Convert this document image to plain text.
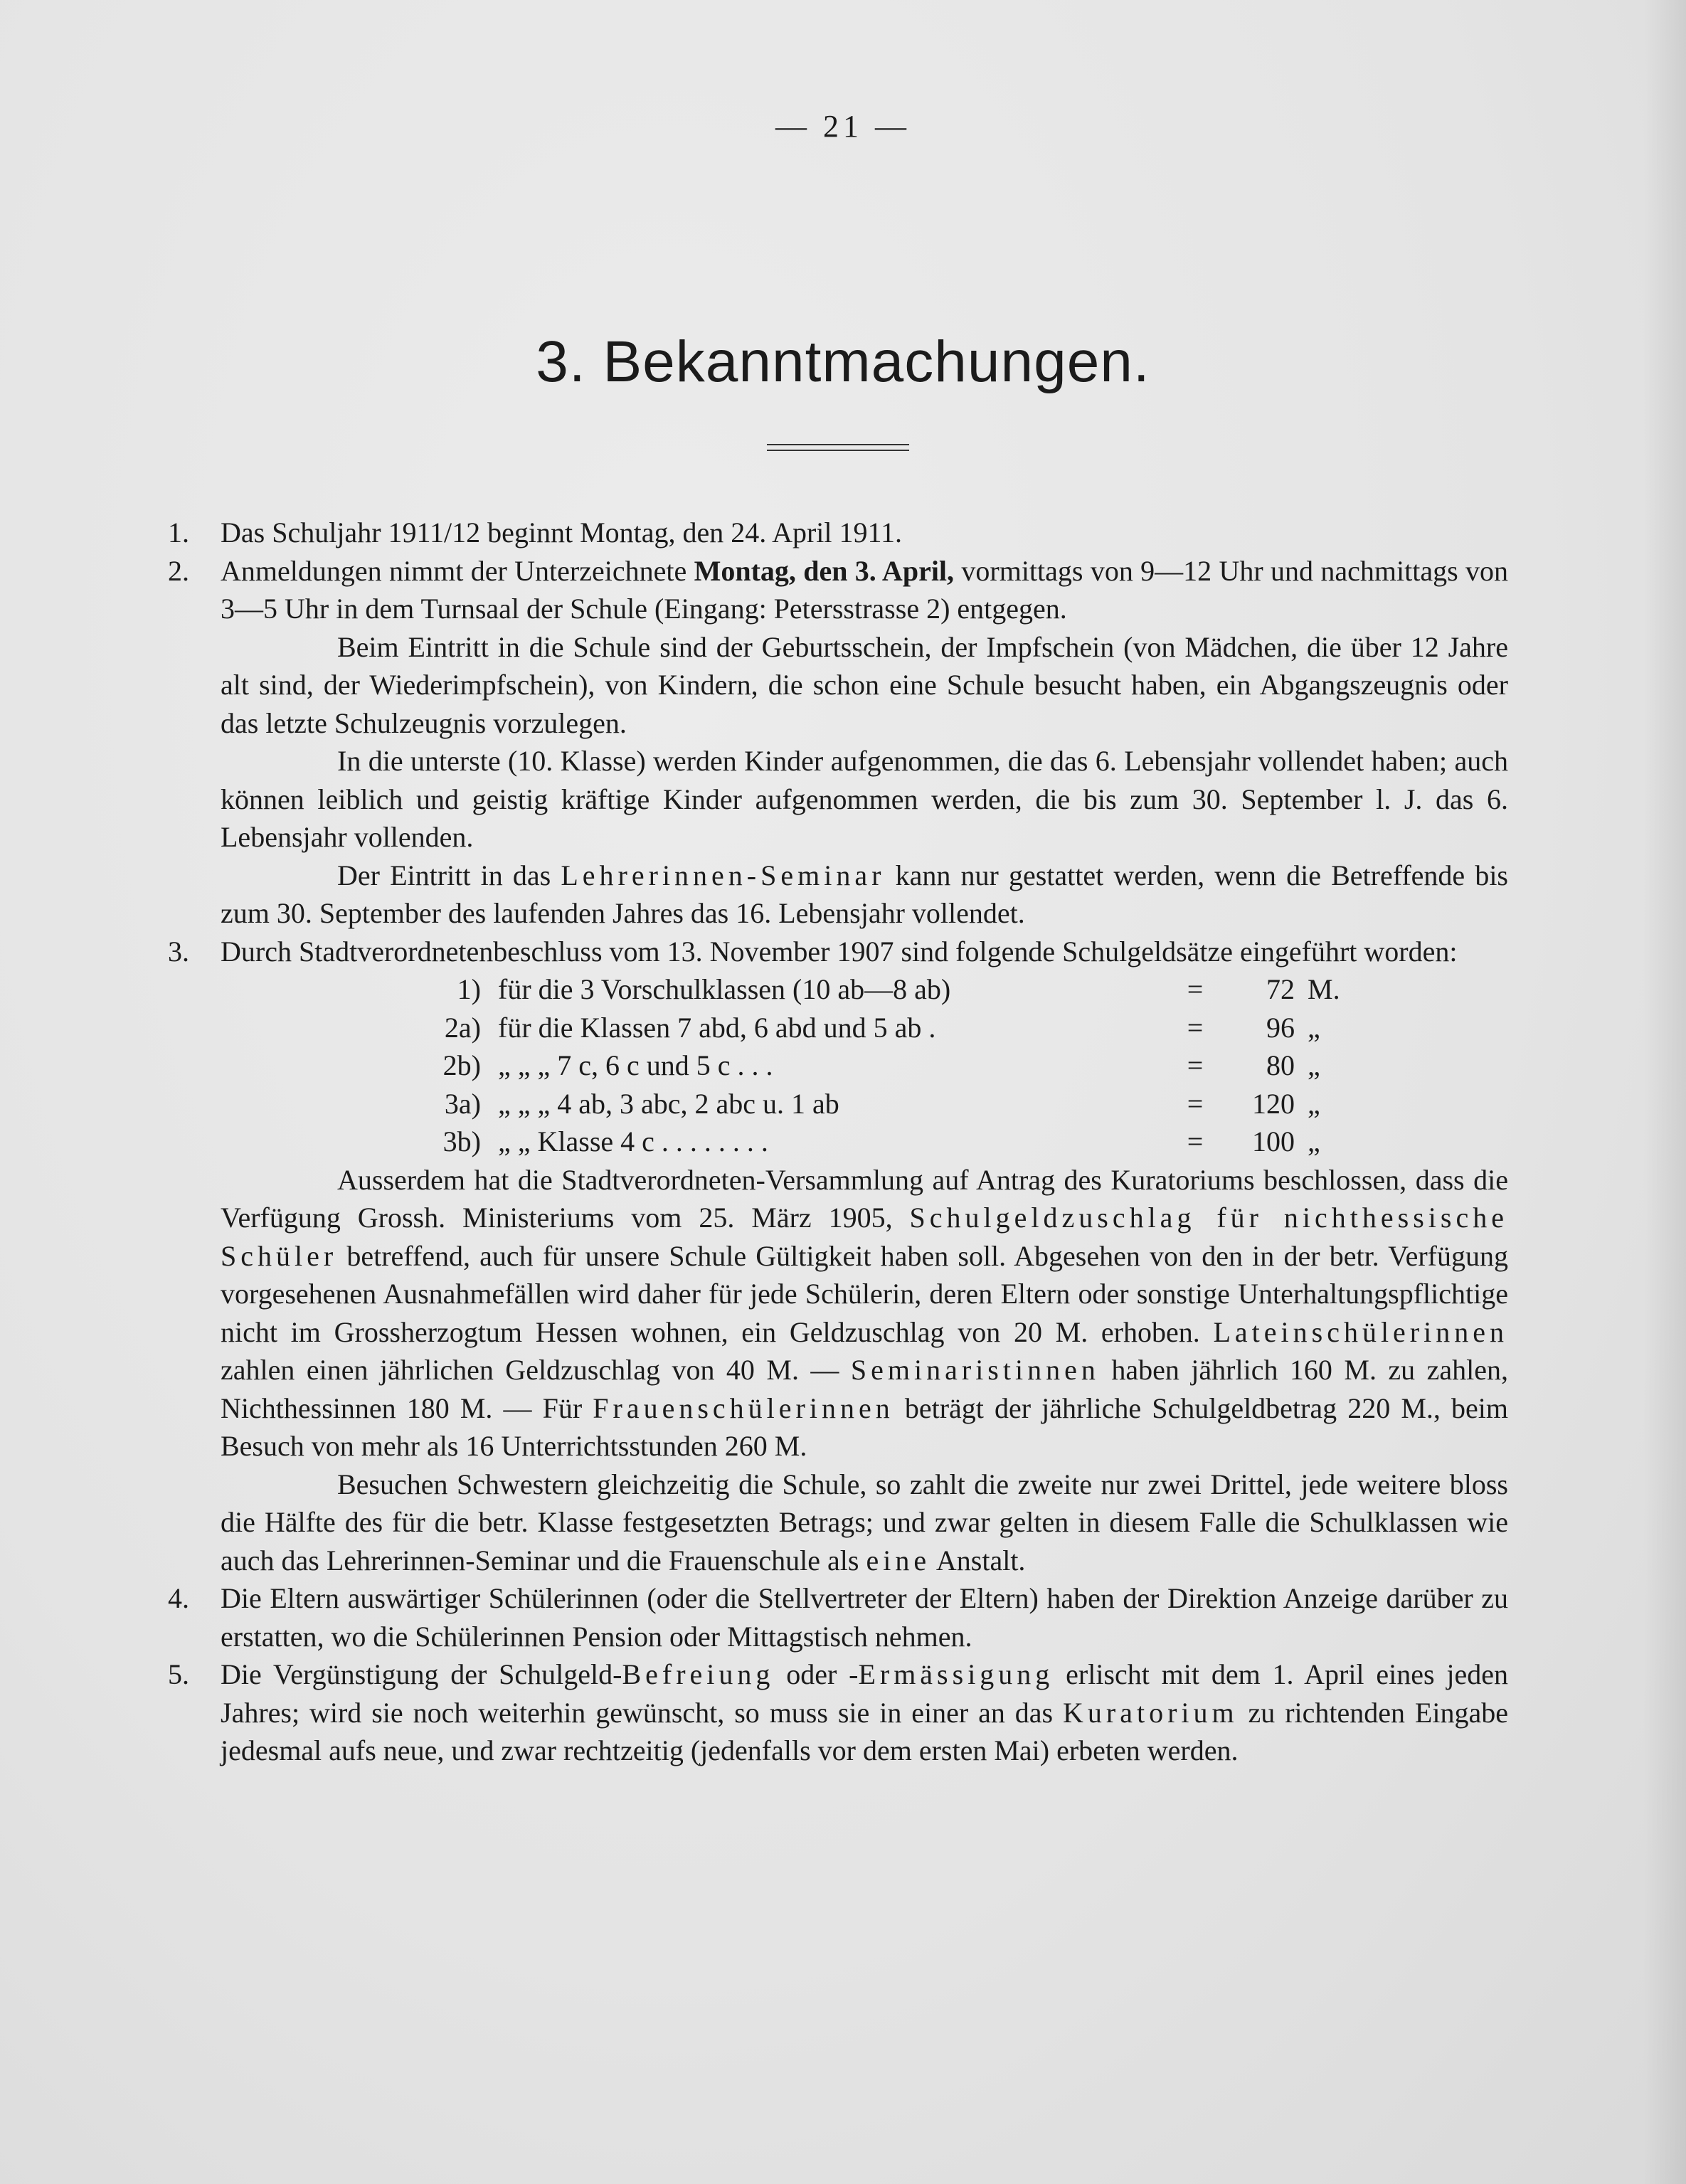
— 21 —
3. Bekanntmachungen.
1. Das Schuljahr 1911/12 beginnt Montag, den 24. April 1911.
2. Anmeldungen nimmt der Unterzeichnete Montag, den 3. April, vormittags von 9—12 Uhr und nachmittags von 3—5 Uhr in dem Turnsaal der Schule (Eingang: Petersstrasse 2) entgegen.
Beim Eintritt in die Schule sind der Geburtsschein, der Impfschein (von Mädchen, die über 12 Jahre alt sind, der Wiederimpfschein), von Kindern, die schon eine Schule besucht haben, ein Abgangszeugnis oder das letzte Schulzeugnis vorzulegen.
In die unterste (10. Klasse) werden Kinder aufgenommen, die das 6. Lebensjahr vollendet haben; auch können leiblich und geistig kräftige Kinder aufgenommen werden, die bis zum 30. September l. J. das 6. Lebensjahr vollenden.
Der Eintritt in das Lehrerinnen-Seminar kann nur gestattet werden, wenn die Betreffende bis zum 30. September des laufenden Jahres das 16. Lebensjahr vollendet.
3. Durch Stadtverordnetenbeschluss vom 13. November 1907 sind folgende Schulgeldsätze eingeführt worden:
1)	für die 3 Vorschulklassen (10 ab—8 ab)	=	72	M.
2a)	für die Klassen 7 abd, 6 abd und 5 ab .	=	96	„
2b)	„ „ „ 7 c, 6 c und 5 c . . .	=	80	„
3a)	„ „ „ 4 ab, 3 abc, 2 abc u. 1 ab	=	120	„
3b)	„ „ Klasse 4 c . . . . . . . .	=	100	„
Ausserdem hat die Stadtverordneten-Versammlung auf Antrag des Kuratoriums beschlossen, dass die Verfügung Grossh. Ministeriums vom 25. März 1905, Schulgeldzuschlag für nichthessische Schüler betreffend, auch für unsere Schule Gültigkeit haben soll. Abgesehen von den in der betr. Verfügung vorgesehenen Ausnahmefällen wird daher für jede Schülerin, deren Eltern oder sonstige Unterhaltungspflichtige nicht im Grossherzogtum Hessen wohnen, ein Geldzuschlag von 20 M. erhoben. Lateinschülerinnen zahlen einen jährlichen Geldzuschlag von 40 M. — Seminaristinnen haben jährlich 160 M. zu zahlen, Nichthessinnen 180 M. — Für Frauenschülerinnen beträgt der jährliche Schulgeldbetrag 220 M., beim Besuch von mehr als 16 Unterrichtsstunden 260 M.
Besuchen Schwestern gleichzeitig die Schule, so zahlt die zweite nur zwei Drittel, jede weitere bloss die Hälfte des für die betr. Klasse festgesetzten Betrags; und zwar gelten in diesem Falle die Schulklassen wie auch das Lehrerinnen-Seminar und die Frauenschule als eine Anstalt.
4. Die Eltern auswärtiger Schülerinnen (oder die Stellvertreter der Eltern) haben der Direktion Anzeige darüber zu erstatten, wo die Schülerinnen Pension oder Mittagstisch nehmen.
5. Die Vergünstigung der Schulgeld-Befreiung oder -Ermässigung erlischt mit dem 1. April eines jeden Jahres; wird sie noch weiterhin gewünscht, so muss sie in einer an das Kuratorium zu richtenden Eingabe jedesmal aufs neue, und zwar rechtzeitig (jedenfalls vor dem ersten Mai) erbeten werden.
